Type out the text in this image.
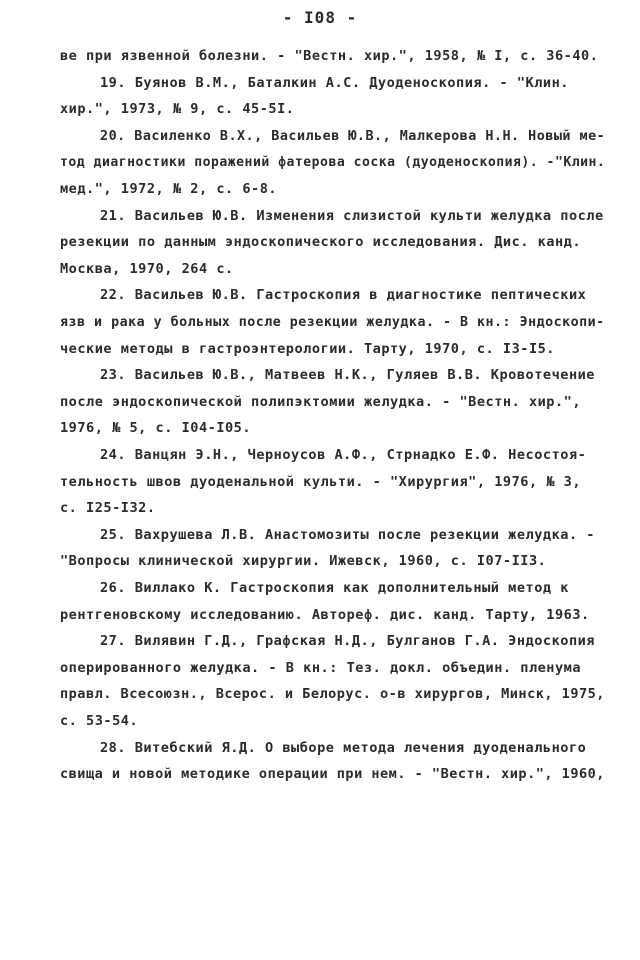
- I08 -
ве при язвенной болезни. - "Вестн. хир.", 1958, № I, с. 36-40.
19. Буянов В.М., Баталкин А.С. Дуоденоскопия. - "Клин.
хир.", 1973, № 9, с. 45-5I.
20. Василенко В.Х., Васильев Ю.В., Малкерова Н.Н. Новый ме-
тод диагностики поражений фатерова соска (дуоденоскопия). -"Клин.
мед.", 1972, № 2, с. 6-8.
21. Васильев Ю.В. Изменения слизистой культи желудка после
резекции по данным эндоскопического исследования. Дис. канд.
Москва, 1970, 264 с.
22. Васильев Ю.В. Гастроскопия в диагностике пептических
язв и рака у больных после резекции желудка. - В кн.: Эндоскопи-
ческие методы в гастроэнтерологии. Тарту, 1970, с. I3-I5.
23. Васильев Ю.В., Матвеев Н.К., Гуляев В.В. Кровотечение
после эндоскопической полипэктомии желудка. - "Вестн. хир.",
1976, № 5, с. I04-I05.
24. Ванцян Э.Н., Черноусов А.Ф., Стрнадко Е.Ф. Несостоя-
тельность швов дуоденальной культи. - "Хирургия", 1976, № 3,
с. I25-I32.
25. Вахрушева Л.В. Анастомозиты после резекции желудка. -
"Вопросы клинической хирургии. Ижевск, 1960, с. I07-II3.
26. Виллако К. Гастроскопия как дополнительный метод к
рентгеновскому исследованию. Автореф. дис. канд. Тарту, 1963.
27. Вилявин Г.Д., Графская Н.Д., Булганов Г.А. Эндоскопия
оперированного желудка. - В кн.: Тез. докл. объедин. пленума
правл. Всесоюзн., Всерос. и Белорус. о-в хирургов, Минск, 1975,
с. 53-54.
28. Витебский Я.Д. О выборе метода лечения дуоденального
свища и новой методике операции при нем. - "Вестн. хир.", 1960,
